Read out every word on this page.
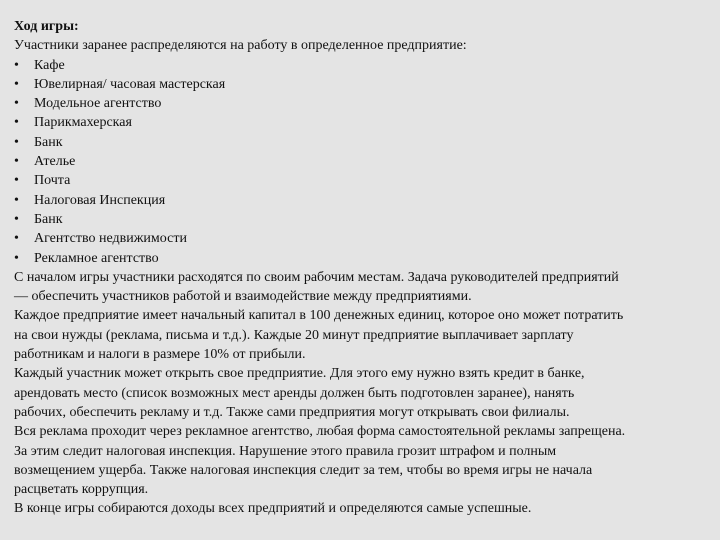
Ход игры:
Участники заранее распределяются на работу в определенное предприятие:
• Кафе
• Ювелирная/ часовая мастерская
• Модельное агентство
• Парикмахерская
• Банк
• Ателье
• Почта
• Налоговая Инспекция
• Банк
• Агентство недвижимости
• Рекламное агентство
С началом игры участники расходятся по своим рабочим местам. Задача руководителей предприятий
— обеспечить участников работой и взаимодействие между предприятиями.
Каждое предприятие имеет начальный капитал в 100 денежных единиц, которое оно может потратить
на свои нужды (реклама, письма и т.д.). Каждые 20 минут предприятие выплачивает зарплату
работникам и налоги в размере 10% от прибыли.
Каждый участник может открыть свое предприятие. Для этого ему нужно взять кредит в банке,
арендовать место (список возможных мест аренды должен быть подготовлен заранее), нанять
рабочих, обеспечить рекламу и т.д. Также сами предприятия могут открывать свои филиалы.
Вся реклама проходит через рекламное агентство, любая форма самостоятельной рекламы запрещена.
За этим следит налоговая инспекция. Нарушение этого правила грозит штрафом и полным
возмещением ущерба. Также налоговая инспекция следит за тем, чтобы во время игры не начала
расцветать коррупция.
В конце игры собираются доходы всех предприятий и определяются самые успешные.
